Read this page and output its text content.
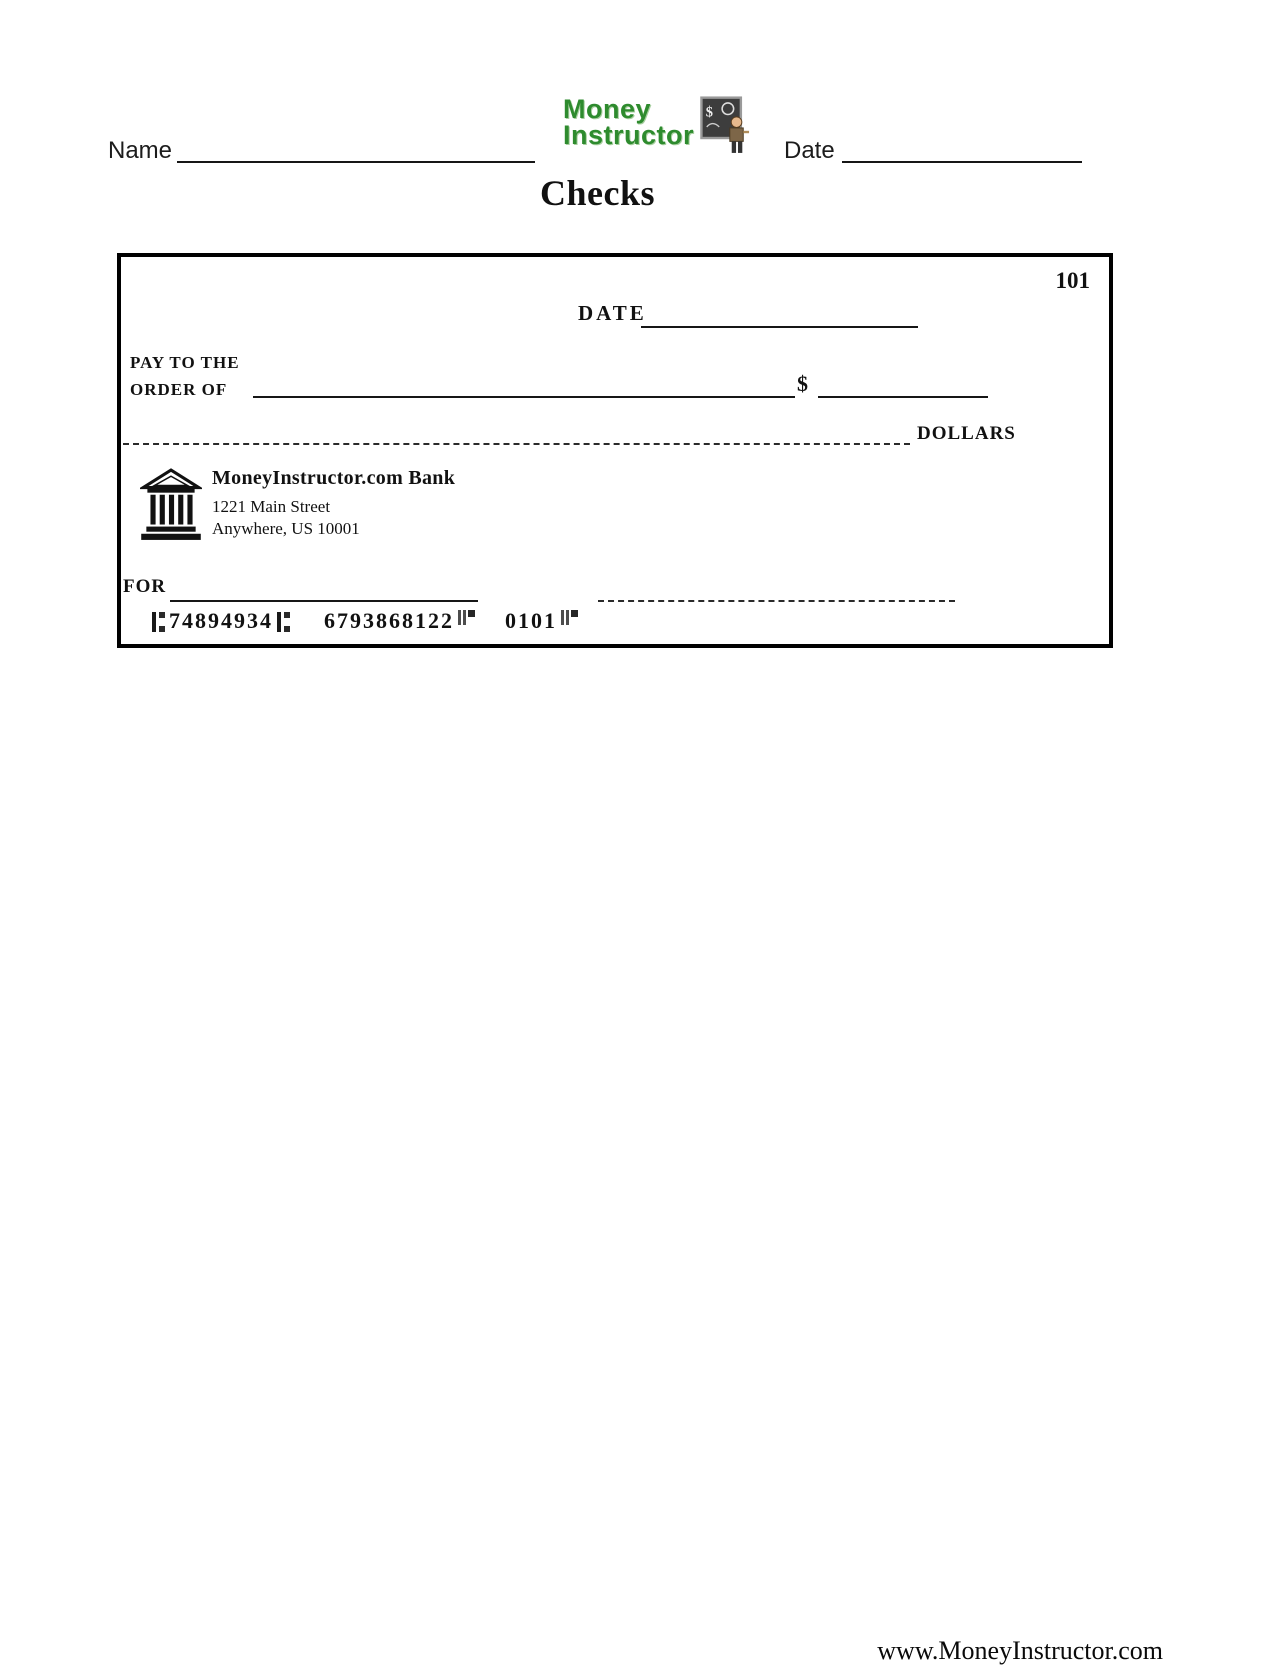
Name
Money
Instructor
$
Date
Checks
101
DATE
PAY TO THE
ORDER OF	$
DOLLARS
MoneyInstructor.com Bank
1221 Main Street
Anywhere, US 10001
FOR
74894934 6793868122 0101
www.MoneyInstructor.com
